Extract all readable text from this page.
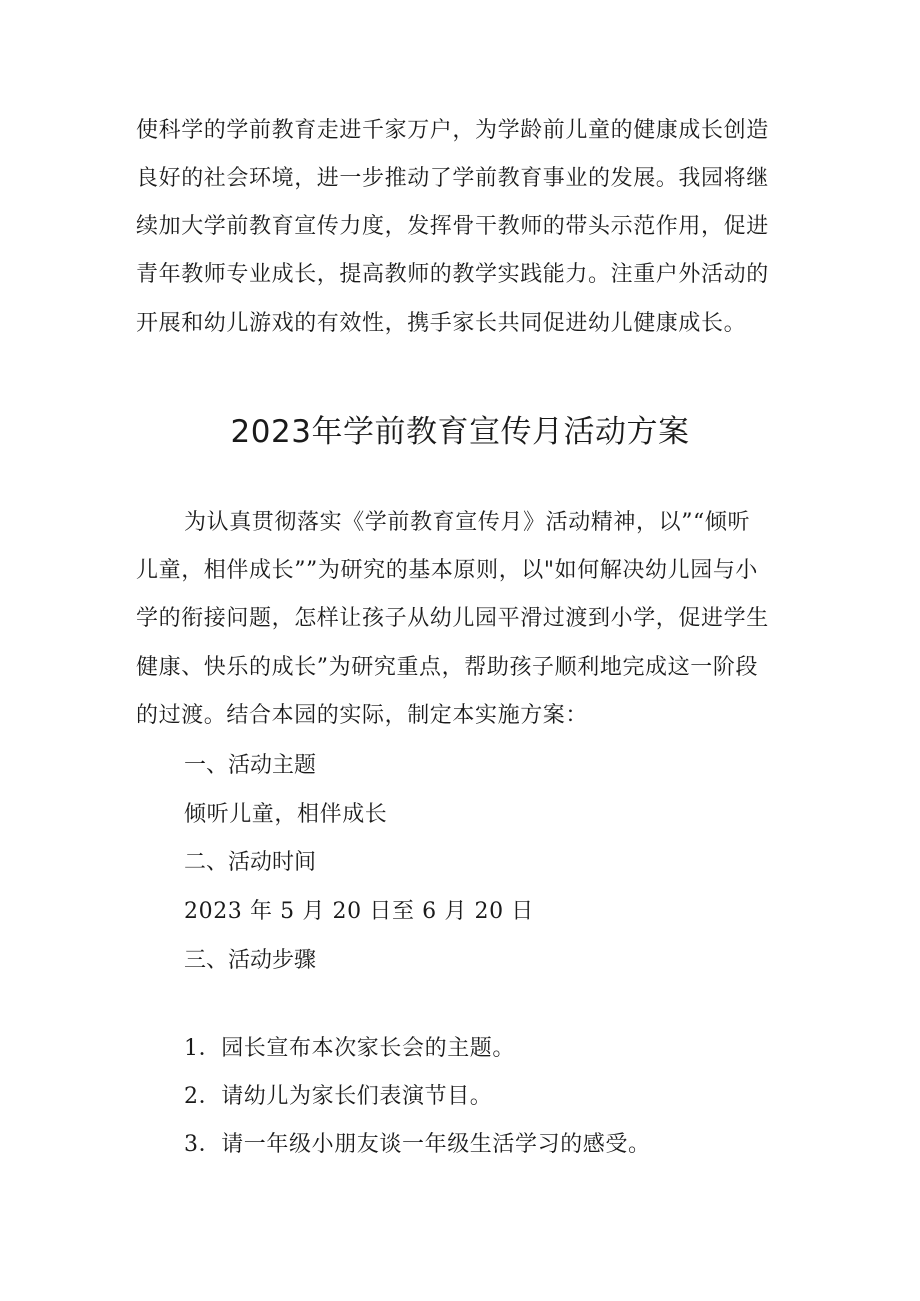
使科学的学前教育走进千家万户，为学龄前儿童的健康成长创造
良好的社会环境，进一步推动了学前教育事业的发展。我园将继
续加大学前教育宣传力度，发挥骨干教师的带头示范作用，促进
青年教师专业成长，提高教师的教学实践能力。注重户外活动的
开展和幼儿游戏的有效性，携手家长共同促进幼儿健康成长。
2023年学前教育宣传月活动方案
为认真贯彻落实《学前教育宣传月》活动精神，以”“倾听
儿童，相伴成长””为研究的基本原则，以"如何解决幼儿园与小
学的衔接问题，怎样让孩子从幼儿园平滑过渡到小学，促进学生
健康、快乐的成长”为研究重点，帮助孩子顺利地完成这一阶段
的过渡。结合本园的实际，制定本实施方案：
一、活动主题
倾听儿童，相伴成长
二、活动时间
2023 年 5 月 20 日至 6 月 20 日
三、活动步骤
1．园长宣布本次家长会的主题。
2．请幼儿为家长们表演节目。
3．请一年级小朋友谈一年级生活学习的感受。
